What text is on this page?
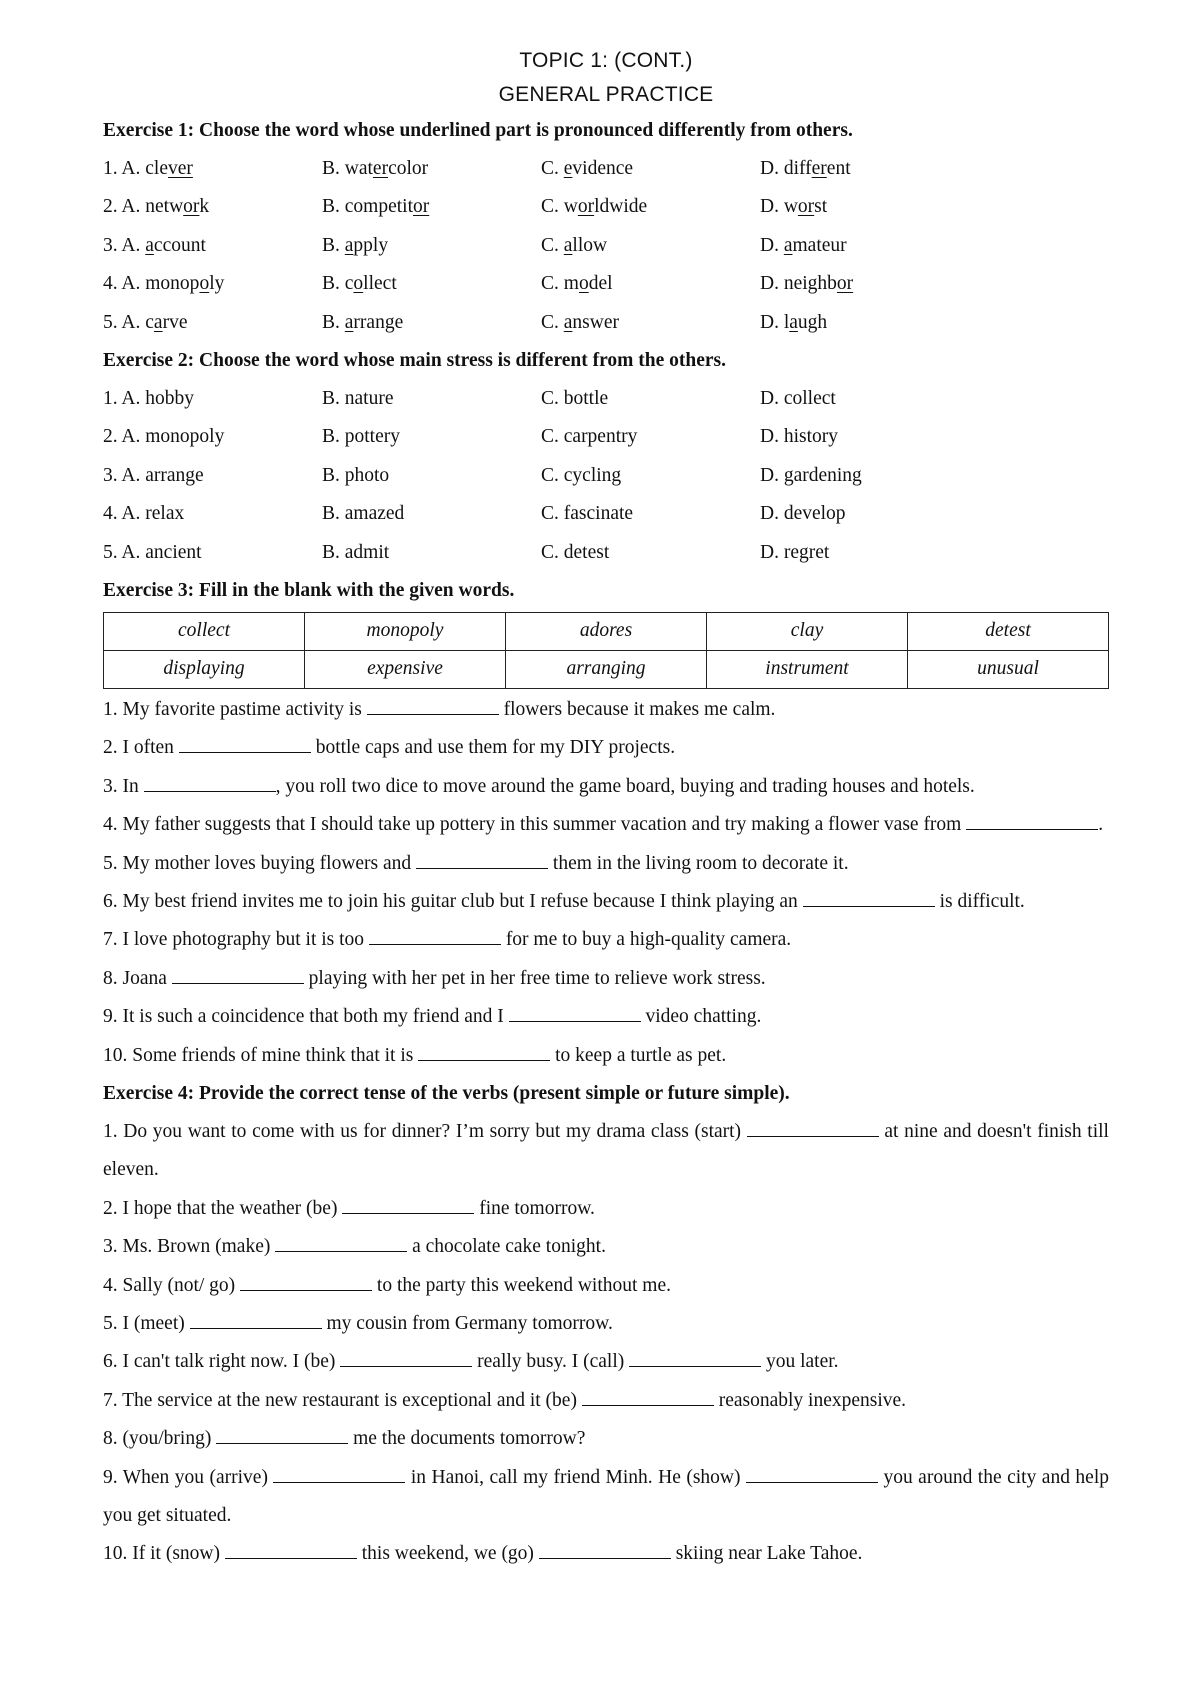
TOPIC 1: (CONT.)
GENERAL PRACTICE
Exercise 1: Choose the word whose underlined part is pronounced differently from others.
1. A. clever	B. watercolor	C. evidence	D. different
2. A. network	B. competitor	C. worldwide	D. worst
3. A. account	B. apply	C. allow	D. amateur
4. A. monopoly	B. collect	C. model	D. neighbor
5. A. carve	B. arrange	C. answer	D. laugh
Exercise 2: Choose the word whose main stress is different from the others.
1. A. hobby	B. nature	C. bottle	D. collect
2. A. monopoly	B. pottery	C. carpentry	D. history
3. A. arrange	B. photo	C. cycling	D. gardening
4. A. relax	B. amazed	C. fascinate	D. develop
5. A. ancient	B. admit	C. detest	D. regret
Exercise 3: Fill in the blank with the given words.
collect	monopoly	adores	clay	detest
displaying	expensive	arranging	instrument	unusual
1. My favorite pastime activity is	flowers because it makes me calm.
2. I often	bottle caps and use them for my DIY projects.
3. In	, you roll two dice to move around the game board, buying and trading houses and hotels.
4. My father suggests that I should take up pottery in this summer vacation and try making a flower vase from	.
5. My mother loves buying flowers and	them in the living room to decorate it.
6. My best friend invites me to join his guitar club but I refuse because I think playing an	is difficult.
7. I love photography but it is too	for me to buy a high-quality camera.
8. Joana	playing with her pet in her free time to relieve work stress.
9. It is such a coincidence that both my friend and I	video chatting.
10. Some friends of mine think that it is	to keep a turtle as pet.
Exercise 4: Provide the correct tense of the verbs (present simple or future simple).
1. Do you want to come with us for dinner? I’m sorry but my drama class (start)	at nine and doesn't finish till eleven.
2. I hope that the weather (be)	fine tomorrow.
3. Ms. Brown (make)	a chocolate cake tonight.
4. Sally (not/ go)	to the party this weekend without me.
5. I (meet)	my cousin from Germany tomorrow.
6. I can't talk right now. I (be)	really busy. I (call)	you later.
7. The service at the new restaurant is exceptional and it (be)	reasonably inexpensive.
8. (you/bring)	me the documents tomorrow?
9. When you (arrive)	in Hanoi, call my friend Minh. He (show)	you around the city and help you get situated.
10. If it (snow)	this weekend, we (go)	skiing near Lake Tahoe.
